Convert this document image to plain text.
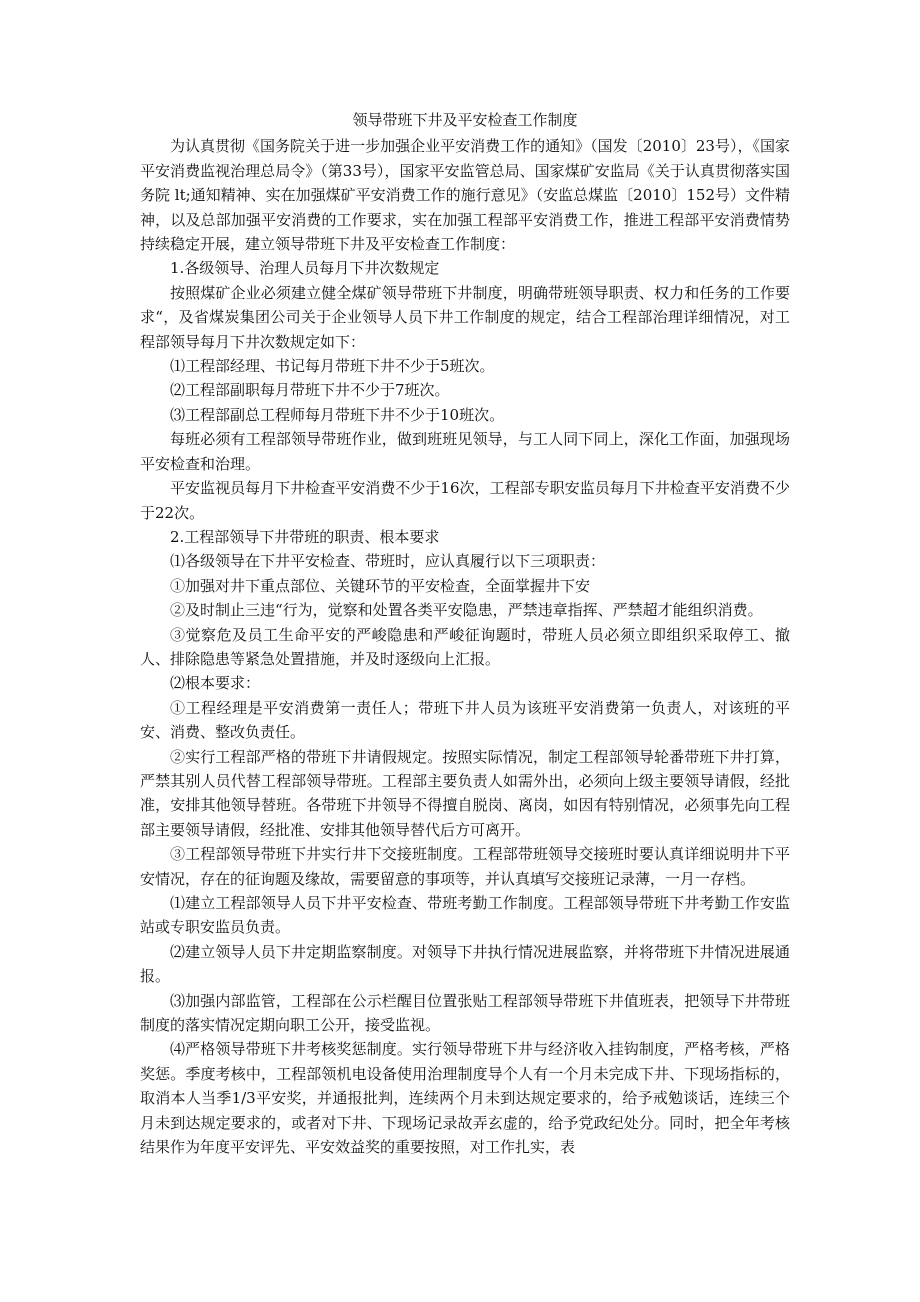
领导带班下井及平安检查工作制度

为认真贯彻《国务院关于进一步加强企业平安消费工作的通知》（国发〔2010〕23号），《国家平安消费监视治理总局令》（第33号），国家平安监管总局、国家煤矿安监局《关于认真贯彻落实国务院 lt;通知精神、实在加强煤矿平安消费工作的施行意见》（安监总煤监〔2010〕152号）文件精神，以及总部加强平安消费的工作要求，实在加强工程部平安消费工作，推进工程部平安消费情势持续稳定开展，建立领导带班下井及平安检查工作制度：

1.各级领导、治理人员每月下井次数规定

按照煤矿企业必须建立健全煤矿领导带班下井制度，明确带班领导职责、权力和任务的工作要求“，及省煤炭集团公司关于企业领导人员下井工作制度的规定，结合工程部治理详细情况，对工程部领导每月下井次数规定如下：

⑴工程部经理、书记每月带班下井不少于5班次。

⑵工程部副职每月带班下井不少于7班次。

⑶工程部副总工程师每月带班下井不少于10班次。

每班必须有工程部领导带班作业，做到班班见领导，与工人同下同上，深化工作面，加强现场平安检查和治理。

平安监视员每月下井检查平安消费不少于16次，工程部专职安监员每月下井检查平安消费不少于22次。

2.工程部领导下井带班的职责、根本要求

⑴各级领导在下井平安检查、带班时，应认真履行以下三项职责：

①加强对井下重点部位、关键环节的平安检查，全面掌握井下安

②及时制止三违“行为，觉察和处置各类平安隐患，严禁违章指挥、严禁超才能组织消费。

③觉察危及员工生命平安的严峻隐患和严峻征询题时，带班人员必须立即组织采取停工、撤人、排除隐患等紧急处置措施，并及时逐级向上汇报。

⑵根本要求：

①工程经理是平安消费第一责任人；带班下井人员为该班平安消费第一负责人，对该班的平安、消费、整改负责任。

②实行工程部严格的带班下井请假规定。按照实际情况，制定工程部领导轮番带班下井打算，严禁其别人员代替工程部领导带班。工程部主要负责人如需外出，必须向上级主要领导请假，经批准，安排其他领导替班。各带班下井领导不得擅自脱岗、离岗，如因有特别情况，必须事先向工程部主要领导请假，经批准、安排其他领导替代后方可离开。

③工程部领导带班下井实行井下交接班制度。工程部带班领导交接班时要认真详细说明井下平安情况，存在的征询题及缘故，需要留意的事项等，并认真填写交接班记录薄，一月一存档。

⑴建立工程部领导人员下井平安检查、带班考勤工作制度。工程部领导带班下井考勤工作安监站或专职安监员负责。

⑵建立领导人员下井定期监察制度。对领导下井执行情况进展监察，并将带班下井情况进展通报。

⑶加强内部监管，工程部在公示栏醒目位置张贴工程部领导带班下井值班表，把领导下井带班制度的落实情况定期向职工公开，接受监视。

⑷严格领导带班下井考核奖惩制度。实行领导带班下井与经济收入挂钩制度，严格考核，严格奖惩。季度考核中，工程部领机电设备使用治理制度导个人有一个月未完成下井、下现场指标的，取消本人当季1/3平安奖，并通报批判，连续两个月未到达规定要求的，给予戒勉谈话，连续三个月未到达规定要求的，或者对下井、下现场记录故弄玄虚的，给予党政纪处分。同时，把全年考核结果作为年度平安评先、平安效益奖的重要按照，对工作扎实，表
